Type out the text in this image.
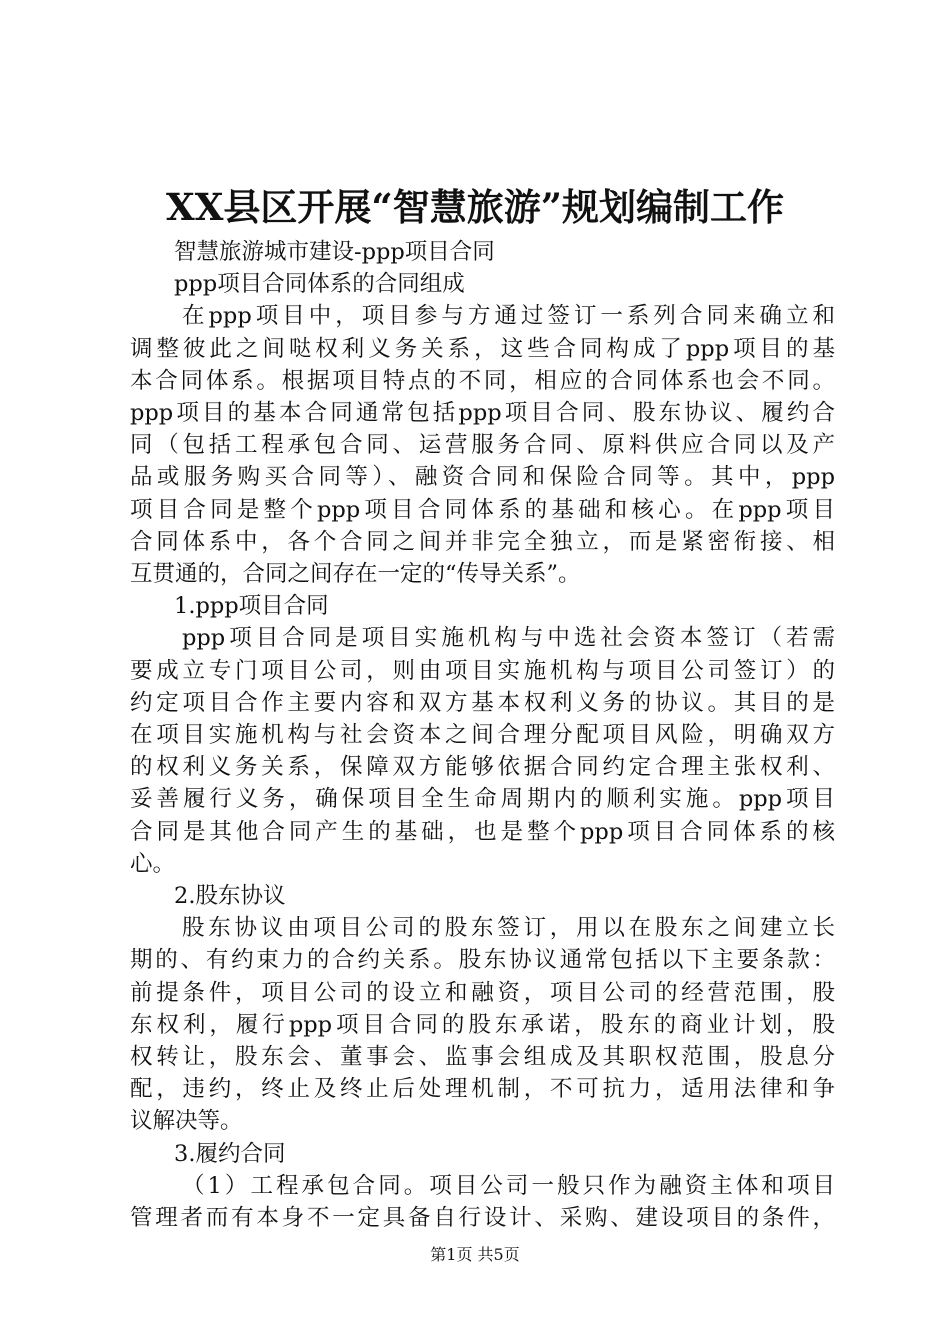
XX县区开展“智慧旅游”规划编制工作

智慧旅游城市建设-ppp项目合同

ppp项目合同体系的合同组成

在ppp项目中，项目参与方通过签订一系列合同来确立和

调整彼此之间哒权利义务关系，这些合同构成了ppp项目的基

本合同体系。根据项目特点的不同，相应的合同体系也会不同。

ppp项目的基本合同通常包括ppp项目合同、股东协议、履约合

同（包括工程承包合同、运营服务合同、原料供应合同以及产

品或服务购买合同等）、融资合同和保险合同等。其中，ppp

项目合同是整个ppp项目合同体系的基础和核心。在ppp项目

合同体系中，各个合同之间并非完全独立，而是紧密衔接、相

互贯通的，合同之间存在一定的“传导关系”。

1.ppp项目合同

ppp项目合同是项目实施机构与中选社会资本签订（若需

要成立专门项目公司，则由项目实施机构与项目公司签订）的

约定项目合作主要内容和双方基本权利义务的协议。其目的是

在项目实施机构与社会资本之间合理分配项目风险，明确双方

的权利义务关系，保障双方能够依据合同约定合理主张权利、

妥善履行义务，确保项目全生命周期内的顺利实施。ppp项目

合同是其他合同产生的基础，也是整个ppp项目合同体系的核

心。

2.股东协议

股东协议由项目公司的股东签订，用以在股东之间建立长

期的、有约束力的合约关系。股东协议通常包括以下主要条款：

前提条件，项目公司的设立和融资，项目公司的经营范围，股

东权利，履行ppp项目合同的股东承诺，股东的商业计划，股

权转让，股东会、董事会、监事会组成及其职权范围，股息分

配，违约，终止及终止后处理机制，不可抗力，适用法律和争

议解决等。

3.履约合同

（1）工程承包合同。项目公司一般只作为融资主体和项目

管理者而有本身不一定具备自行设计、采购、建设项目的条件，

第1页 共5页
